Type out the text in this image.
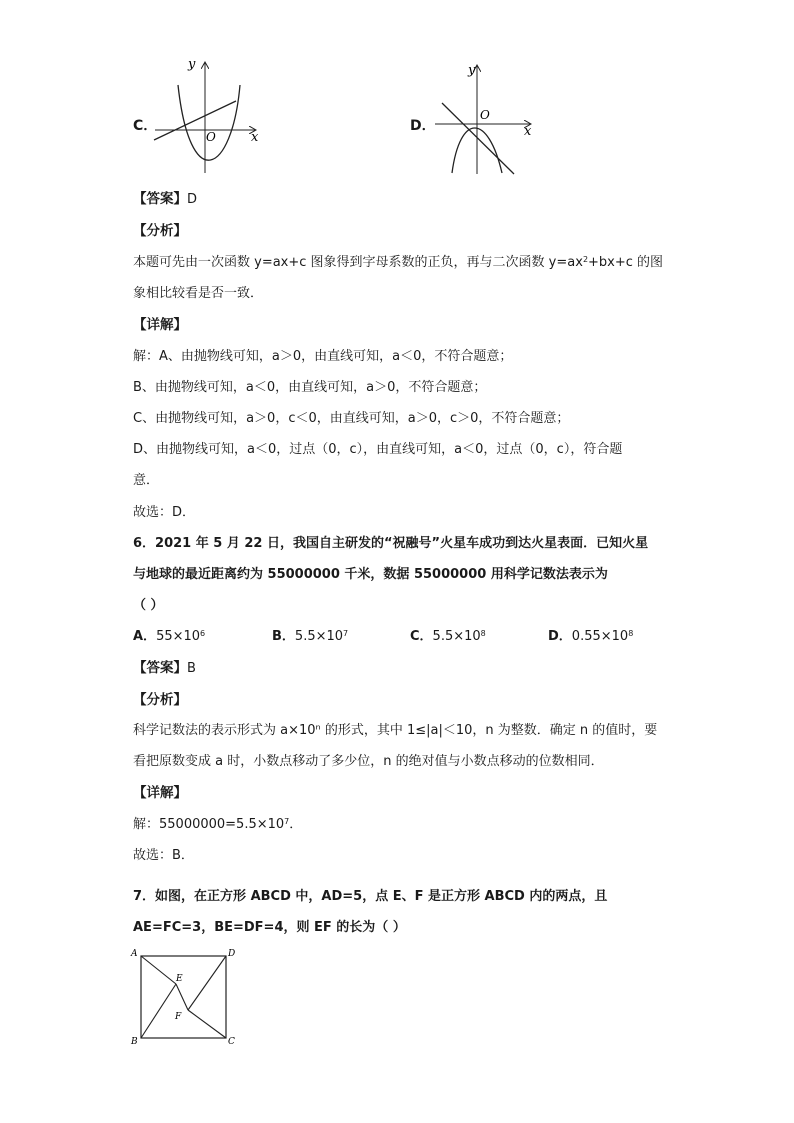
C．
y
x
O
D．
y
x
O
【答案】D
【分析】
本题可先由一次函数 y=ax+c 图象得到字母系数的正负，再与二次函数 $y=ax^2+bx+c$ 的图
象相比较看是否一致．
【详解】
解：A、由抛物线可知，a＞0，由直线可知，a＜0，不符合题意；
B、由抛物线可知，a＜0，由直线可知，a＞0，不符合题意；
C、由抛物线可知，a＞0，c＜0，由直线可知，a＞0，c＞0，不符合题意；
D、由抛物线可知，a＜0，过点（0，c），由直线可知，a＜0，过点（0，c），符合题
意．
故选：D．
6．2021 年 5 月 22 日，我国自主研发的“祝融号”火星车成功到达火星表面．已知火星
与地球的最近距离约为 55000000 千米，数据 55000000 用科学记数法表示为
（ ）
A．$55\times 10^6$	B．$5.5\times 10^7$	C．$5.5\times 10^8$	D．$0.55\times 10^8$
【答案】B
【分析】
科学记数法的表示形式为 a×10ⁿ 的形式，其中 1≤|a|＜10，n 为整数．确定 n 的值时，要
看把原数变成 a 时，小数点移动了多少位，n 的绝对值与小数点移动的位数相同．
【详解】
解：$55000000=5.5\times 10^7$．
故选：B．
7．如图，在正方形 ABCD 中，AD=5，点 E、F 是正方形 ABCD 内的两点，且
AE=FC=3，BE=DF=4，则 EF 的长为（ ）
A	D
B	C
E
F
